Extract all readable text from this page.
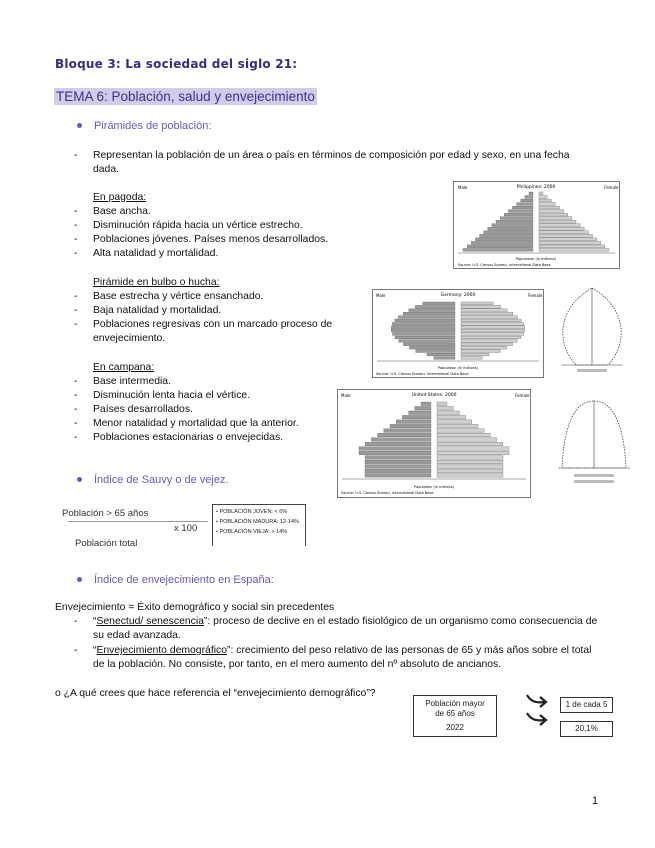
Bloque 3: La sociedad del siglo 21:
TEMA 6: Población, salud y envejecimiento
Pirámides de población:
- Representan la población de un área o país en términos de composición por edad y sexo, en una fecha dada.
En pagoda:
- Base ancha.
- Disminución rápida hacia un vértice estrecho.
- Poblaciones jóvenes. Países menos desarrollados.
- Alta natalidad y mortalidad.
Pirámide en bulbo o hucha:
- Base estrecha y vértice ensanchado.
- Baja natalidad y mortalidad.
- Poblaciones regresivas con un marcado proceso de envejecimiento.
En campana:
- Base intermedia.
- Disminución lenta hacia el vértice.
- Países desarrollados.
- Menor natalidad y mortalidad que la anterior.
- Poblaciones estacionarias o envejecidas.
Philippines: 2000
Male	Female
Population (in millions)
Source: U.S. Census Bureau, International Data Base.
Germany: 2000
Male	Female
Population (in millions)
Source: U.S. Census Bureau, International Data Base.
United States: 2000
Male	Female
Population (in millions)
Source: U.S. Census Bureau, International Data Base.
Índice de Sauvy o de vejez.
Población > 65 años
x 100
Población total
• POBLACIÓN JOVEN: < 6%
• POBLACIÓN MADURA: 12-14%
• POBLACIÓN VIEJA: > 14%
Índice de envejecimiento en España:
Envejecimiento = Éxito demográfico y social sin precedentes
- “Senectud/ senescencia”: proceso de declive en el estado fisiológico de un organismo como consecuencia de su edad avanzada.
- “Envejecimiento demográfico”: crecimiento del peso relativo de las personas de 65 y más años sobre el total de la población. No consiste, por tanto, en el mero aumento del nº absoluto de ancianos.
o ¿A qué crees que hace referencia el “envejecimiento demográfico”?
Población mayor de 65 años
2022
1 de cada 5
20,1%
1
